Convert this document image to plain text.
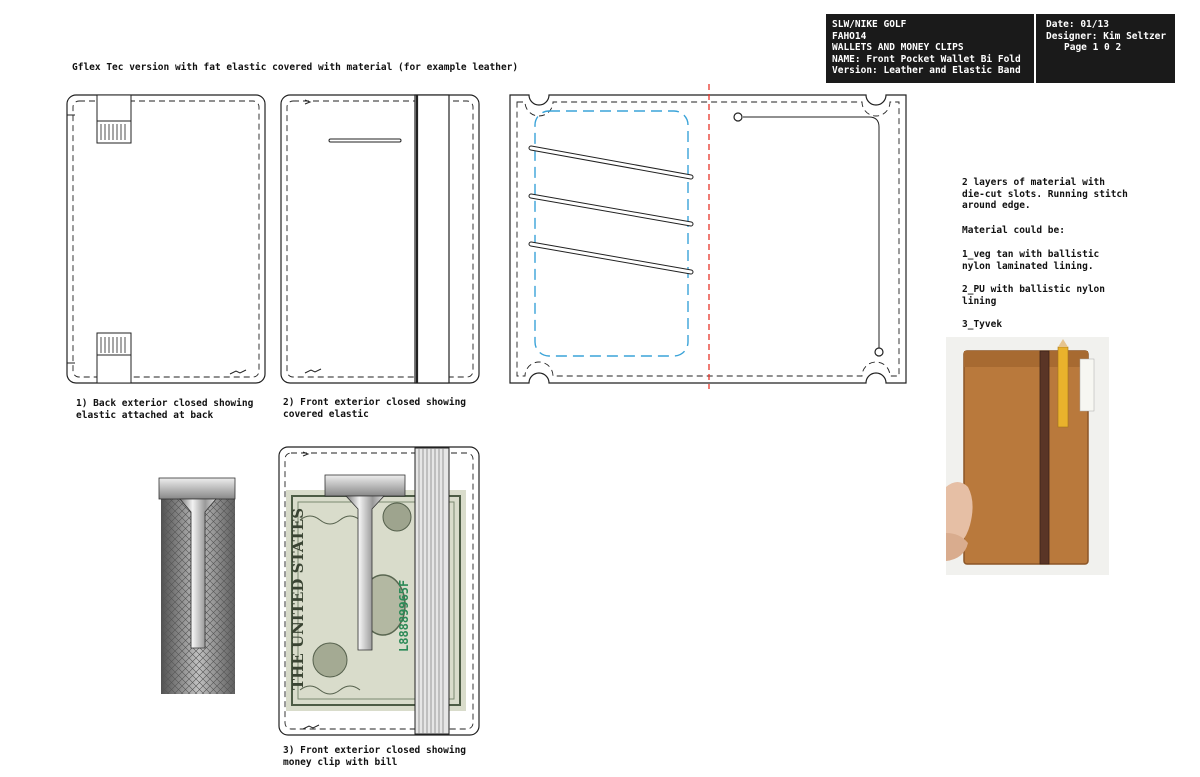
SLW/NIKE GOLF
FAHO14
WALLETS AND MONEY CLIPS
NAME: Front Pocket Wallet Bi Fold
Version: Leather and Elastic Band
Date: 01/13
Designer: Kim Seltzer
Page 1 0 2
Gflex Tec version with fat elastic covered with material (for example leather)
THE UNITED STATES	L88889965F
1) Back exterior closed showing
elastic attached at back
2) Front exterior closed showing
covered elastic
3) Front exterior closed showing
money clip with bill
2 layers of material with
die-cut slots. Running stitch
around edge.
Material could be:
1_veg tan with ballistic
nylon laminated lining.
2_PU with ballistic nylon
lining
3_Tyvek
